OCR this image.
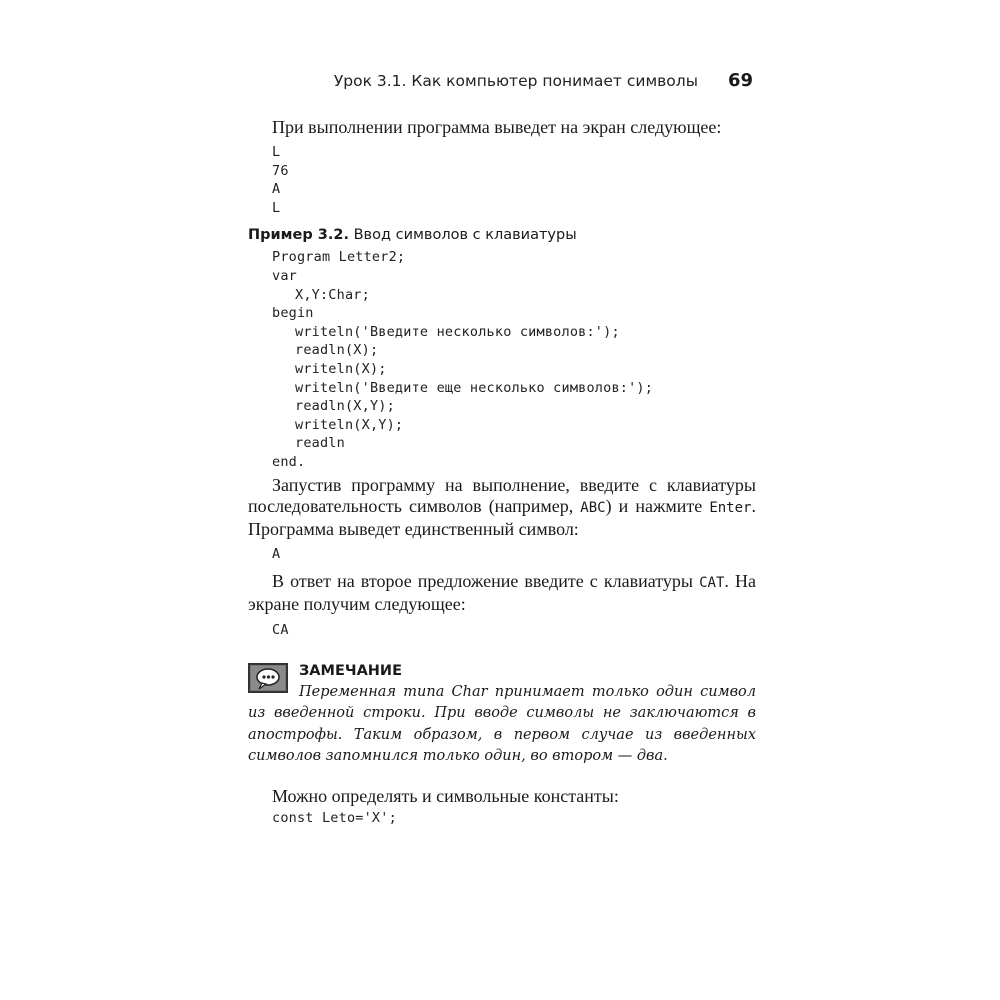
Урок 3.1. Как компьютер понимает символы 69

При выполнении программа выведет на экран следующее:

L
76
A
L
Пример 3.2. Ввод символов с клавиатуры
Program Letter2;
var
X,Y:Char;
begin
writeln('Введите несколько символов:');
readln(X);
writeln(X);
writeln('Введите еще несколько символов:');
readln(X,Y);
writeln(X,Y);
readln
end.

Запустив программу на выполнение, введите с клавиатуры последовательность символов (например, ABC) и нажмите Enter. Программа выведет единственный символ:

A

В ответ на второе предложение введите с клавиатуры CAT. На экране получим следующее:

CA
ЗАМЕЧАНИЕ
Переменная типа Char принимает только один символ из введенной строки. При вводе символы не заключаются в апострофы. Таким образом, в первом случае из введенных символов запомнился только один, во втором — два.

Можно определять и символьные константы:

const Leto='X';
